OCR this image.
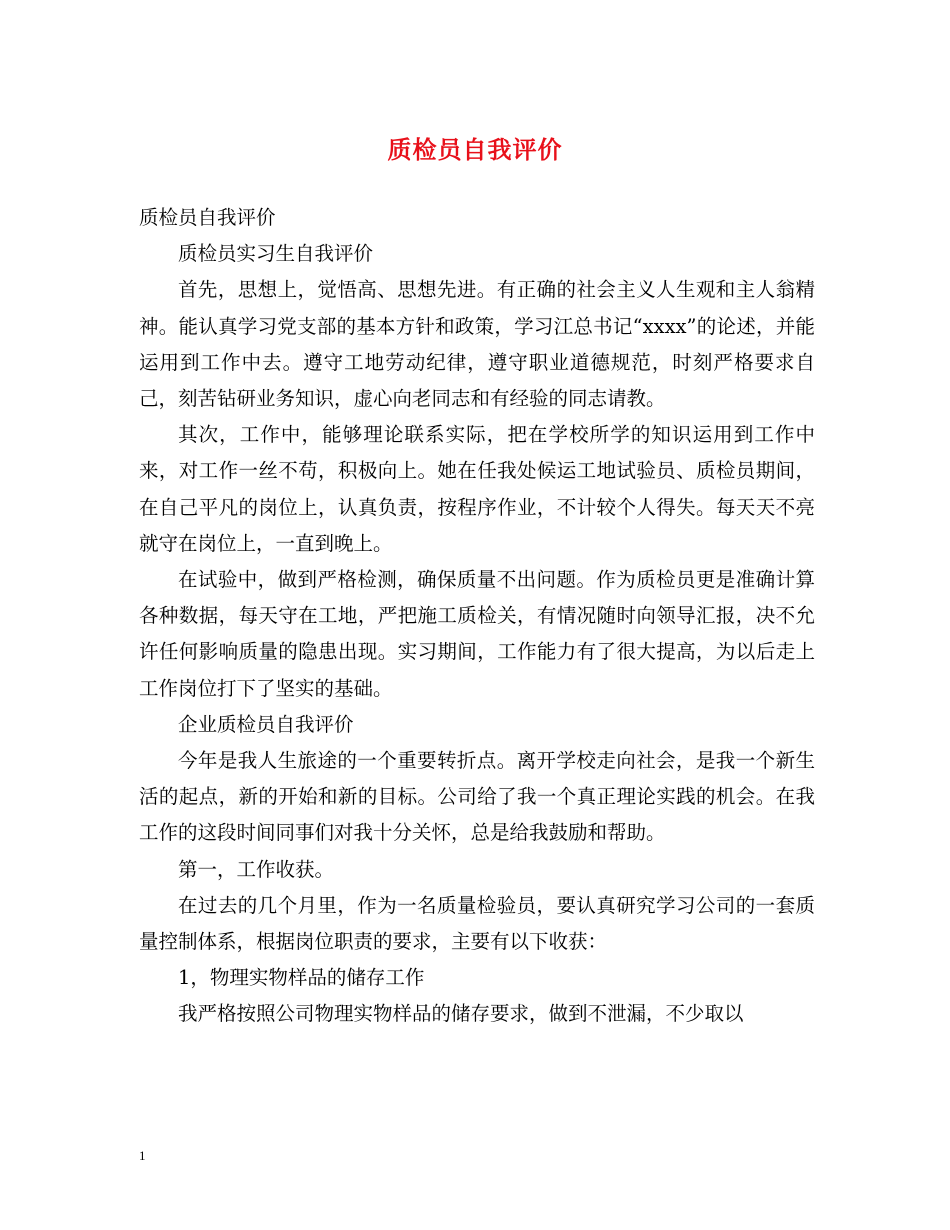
质检员自我评价

质检员自我评价

质检员实习生自我评价

首先，思想上，觉悟高、思想先进。有正确的社会主义人生观和主人翁精神。能认真学习党支部的基本方针和政策，学习江总书记“xxxx”的论述，并能运用到工作中去。遵守工地劳动纪律，遵守职业道德规范，时刻严格要求自己，刻苦钻研业务知识，虚心向老同志和有经验的同志请教。

其次，工作中，能够理论联系实际，把在学校所学的知识运用到工作中来，对工作一丝不苟，积极向上。她在任我处候运工地试验员、质检员期间，在自己平凡的岗位上，认真负责，按程序作业，不计较个人得失。每天天不亮就守在岗位上，一直到晚上。

在试验中，做到严格检测，确保质量不出问题。作为质检员更是准确计算各种数据，每天守在工地，严把施工质检关，有情况随时向领导汇报，决不允许任何影响质量的隐患出现。实习期间，工作能力有了很大提高，为以后走上工作岗位打下了坚实的基础。

企业质检员自我评价

今年是我人生旅途的一个重要转折点。离开学校走向社会，是我一个新生活的起点，新的开始和新的目标。公司给了我一个真正理论实践的机会。在我工作的这段时间同事们对我十分关怀，总是给我鼓励和帮助。

第一，工作收获。

在过去的几个月里，作为一名质量检验员，要认真研究学习公司的一套质量控制体系，根据岗位职责的要求，主要有以下收获：

1，物理实物样品的储存工作

我严格按照公司物理实物样品的储存要求，做到不泄漏，不少取以

1
